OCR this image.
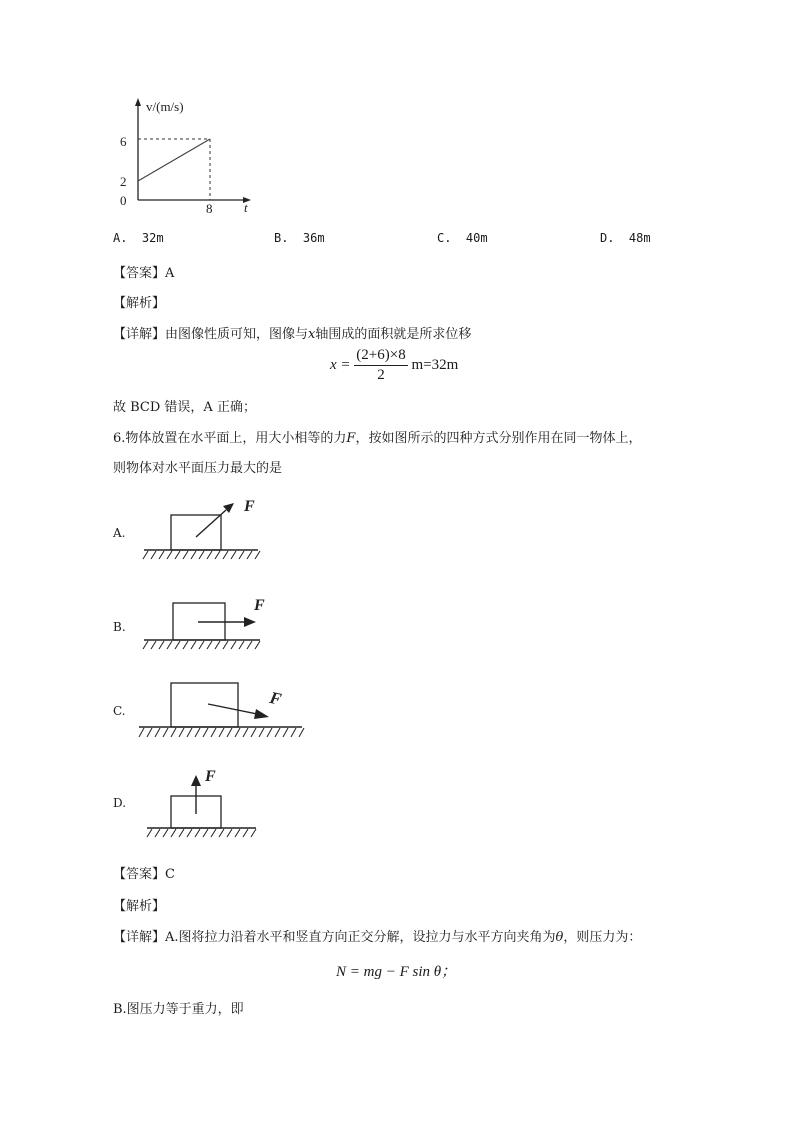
v/(m/s)
6
2
0
8 t
A. 32m	B. 36m	C. 40m	D. 48m
【答案】A
【解析】
【详解】由图像性质可知，图像与x轴围成的面积就是所求位移
$x = \frac{(2+6)\times 8}{2} m=32m$
故 BCD 错误，A 正确；
6.物体放置在水平面上，用大小相等的力F，按如图所示的四种方式分别作用在同一物体上，
则物体对水平面压力最大的是
A.
F
B.
F
C.
F
D.
F
【答案】C
【解析】
【详解】A.图将拉力沿着水平和竖直方向正交分解，设拉力与水平方向夹角为θ，则压力为：
N = mg − F sin θ；
B.图压力等于重力，即
